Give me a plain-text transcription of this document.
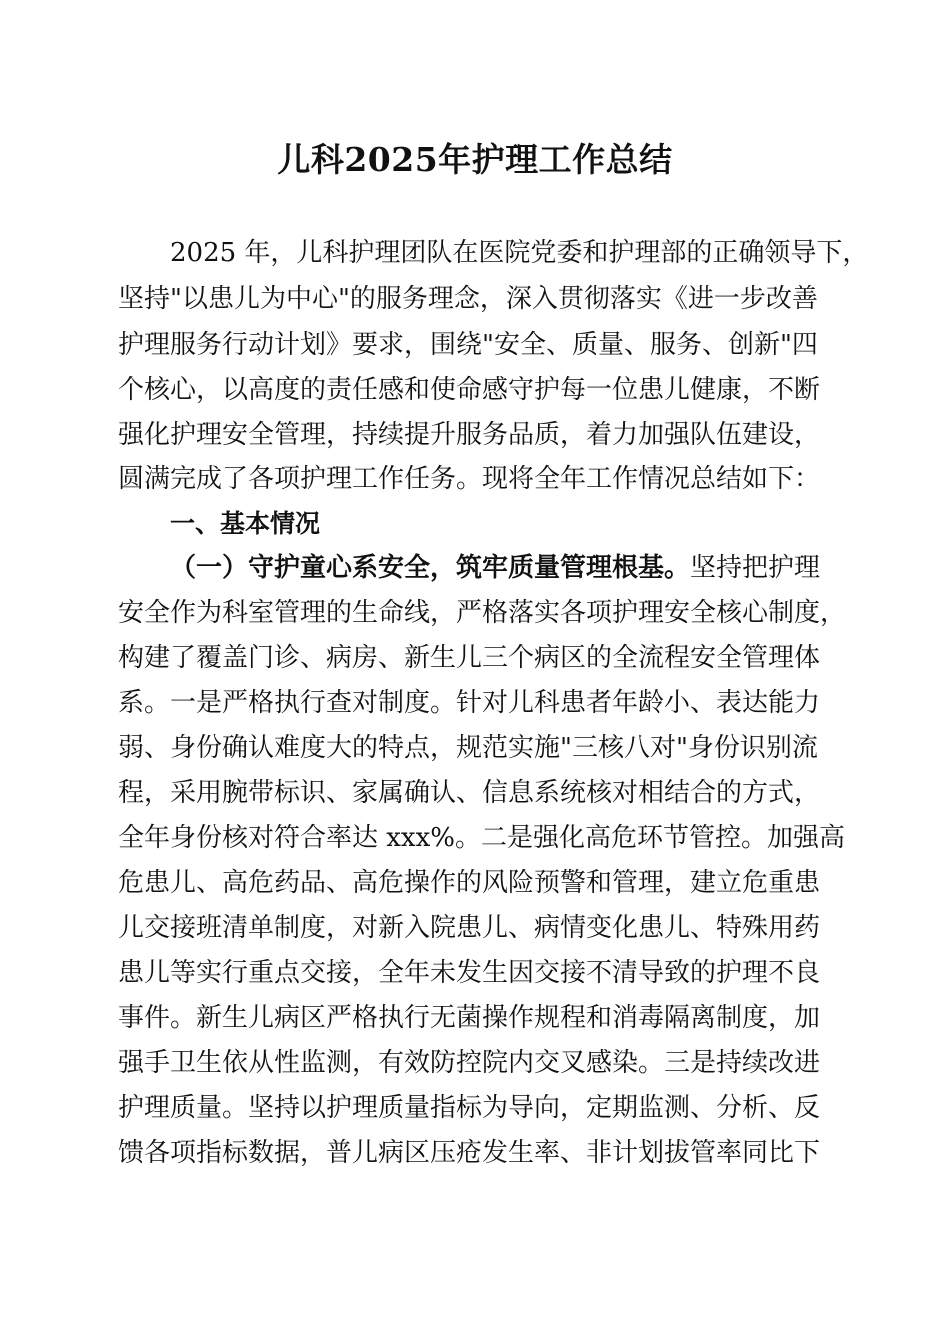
儿科2025年护理工作总结

2025 年，儿科护理团队在医院党委和护理部的正确领导下，

坚持"以患儿为中心"的服务理念，深入贯彻落实《进一步改善

护理服务行动计划》要求，围绕"安全、质量、服务、创新"四

个核心，以高度的责任感和使命感守护每一位患儿健康，不断

强化护理安全管理，持续提升服务品质，着力加强队伍建设，

圆满完成了各项护理工作任务。现将全年工作情况总结如下：

一、基本情况

（一）守护童心系安全，筑牢质量管理根基。坚持把护理

安全作为科室管理的生命线，严格落实各项护理安全核心制度，

构建了覆盖门诊、病房、新生儿三个病区的全流程安全管理体

系。一是严格执行查对制度。针对儿科患者年龄小、表达能力

弱、身份确认难度大的特点，规范实施"三核八对"身份识别流

程，采用腕带标识、家属确认、信息系统核对相结合的方式，

全年身份核对符合率达 xxx%。二是强化高危环节管控。加强高

危患儿、高危药品、高危操作的风险预警和管理，建立危重患

儿交接班清单制度，对新入院患儿、病情变化患儿、特殊用药

患儿等实行重点交接，全年未发生因交接不清导致的护理不良

事件。新生儿病区严格执行无菌操作规程和消毒隔离制度，加

强手卫生依从性监测，有效防控院内交叉感染。三是持续改进

护理质量。坚持以护理质量指标为导向，定期监测、分析、反

馈各项指标数据，普儿病区压疮发生率、非计划拔管率同比下
